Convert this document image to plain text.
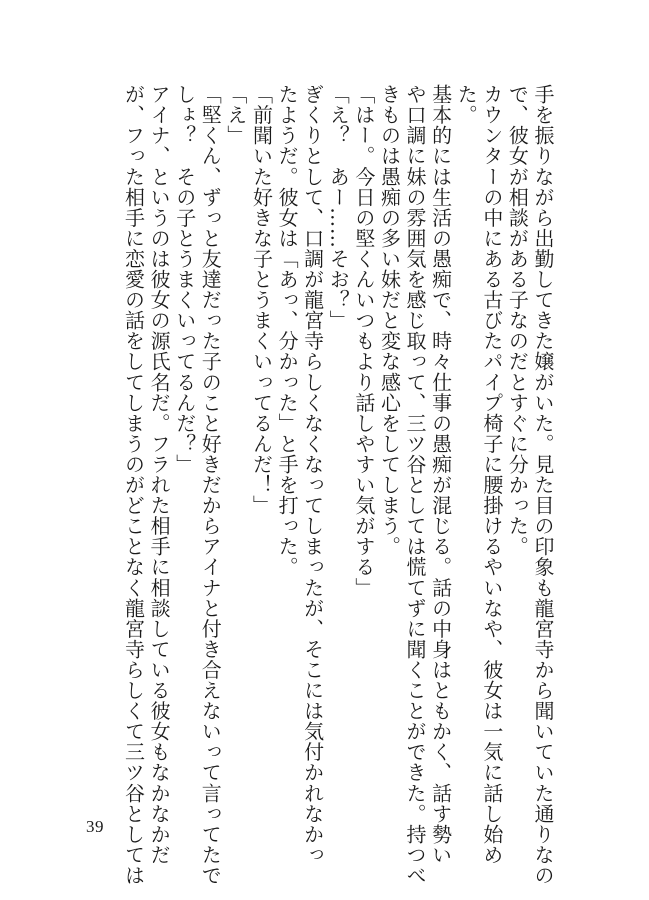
手を振りながら出勤してきた嬢がいた。見た目の印象も龍宮寺から聞いていた通りなの
で、彼女が相談がある子なのだとすぐに分かった。
カウンターの中にある古びたパイプ椅子に腰掛けるやいなや、彼女は一気に話し始め
た。
基本的には生活の愚痴で、時々仕事の愚痴が混じる。話の中身はともかく、話す勢い
や口調に妹の雰囲気を感じ取って、三ツ谷としては慌てずに聞くことができた。持つべ
きものは愚痴の多い妹だと変な感心をしてしまう。
「はー。今日の堅くんいつもより話しやすい気がする」
「え？　あー……そお？」
ぎくりとして、口調が龍宮寺らしくなくなってしまったが、そこには気付かれなかっ
たようだ。彼女は「あっ、分かった」と手を打った。
「前聞いた好きな子とうまくいってるんだ！」
「え」
「堅くん、ずっと友達だった子のこと好きだからアイナと付き合えないって言ってたで
しょ？　その子とうまくいってるんだ？」
アイナ、というのは彼女の源氏名だ。フラれた相手に相談している彼女もなかなかだ
が、フった相手に恋愛の話をしてしまうのがどことなく龍宮寺らしくて三ツ谷としては
39
